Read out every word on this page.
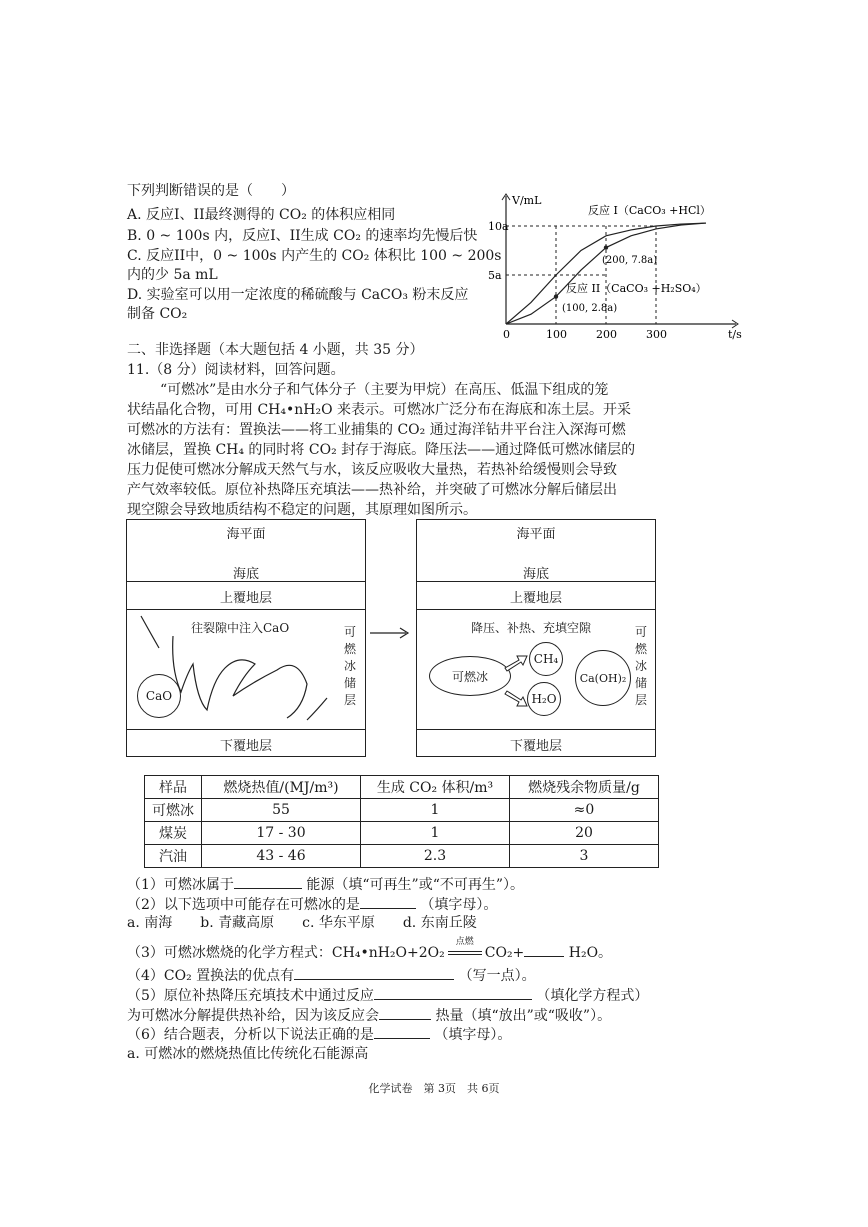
下列判断错误的是（　　）
A. 反应I、II最终测得的 CO₂ 的体积应相同
B. 0 ~ 100s 内，反应I、II生成 CO₂ 的速率均先慢后快
C. 反应II中，0 ~ 100s 内产生的 CO₂ 体积比 100 ~ 200s
内的少 5a mL
D. 实验室可以用一定浓度的稀硫酸与 CaCO₃ 粉末反应
制备 CO₂
V/mL
t/s
0	100	200	300
5a
10a
反应 I（CaCO₃ +HCl）
反应 II（CaCO₃ +H₂SO₄）
(200, 7.8a)
(100, 2.8a)
二、非选择题（本大题包括 4 小题，共 35 分）
11.（8 分）阅读材料，回答问题。
“可燃冰”是由水分子和气体分子（主要为甲烷）在高压、低温下组成的笼
状结晶化合物，可用 CH₄•nH₂O 来表示。可燃冰广泛分布在海底和冻土层。开采
可燃冰的方法有：置换法——将工业捕集的 CO₂ 通过海洋钻井平台注入深海可燃
冰储层，置换 CH₄ 的同时将 CO₂ 封存于海底。降压法——通过降低可燃冰储层的
压力促使可燃冰分解成天然气与水，该反应吸收大量热，若热补给缓慢则会导致
产气效率较低。原位补热降压充填法——热补给，并突破了可燃冰分解后储层出
现空隙会导致地质结构不稳定的问题，其原理如图所示。
海平面
海底
上覆地层
往裂隙中注入CaO
CaO
可燃冰储层
下覆地层
海平面
海底
上覆地层
降压、补热、充填空隙
可燃冰
CH₄
H₂O
Ca(OH)₂
可燃冰储层
下覆地层
样品	燃烧热值/(MJ/m³)	生成 CO₂ 体积/m³	燃烧残余物质量/g
可燃冰	55	1	≈0
煤炭	17 - 30	1	20
汽油	43 - 46	2.3	3
（1）可燃冰属于	能源（填“可再生”或“不可再生”）。
（2）以下选项中可能存在可燃冰的是	（填字母）。
a. 南海　　b. 青藏高原　　c. 华东平原　　d. 东南丘陵
（3）可燃冰燃烧的化学方程式：CH₄•nH₂O+2O₂
点燃
CO₂+	H₂O。
（4）CO₂ 置换法的优点有	（写一点）。
（5）原位补热降压充填技术中通过反应	（填化学方程式）
为可燃冰分解提供热补给，因为该反应会	热量（填“放出”或“吸收”）。
（6）结合题表，分析以下说法正确的是	（填字母）。
a. 可燃冰的燃烧热值比传统化石能源高
化学试卷　第 3页　共 6页
